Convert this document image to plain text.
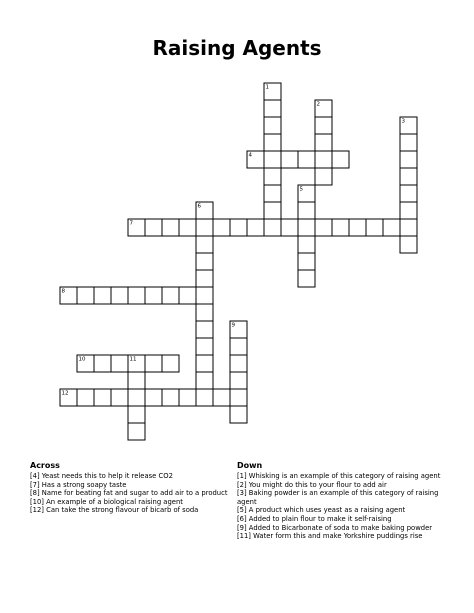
Raising Agents
1
2
3
4
5
6
7
8
9
10	11
12
Across
[4] Yeast needs this to help it release CO2
[7] Has a strong soapy taste
[8] Name for beating fat and sugar to add air to a product
[10] An example of a biological raising agent
[12] Can take the strong flavour of bicarb of soda
Down
[1] Whisking is an example of this category of raising agent
[2] You might do this to your flour to add air
[3] Baking powder is an example of this category of raising agent
[5] A product which uses yeast as a raising agent
[6] Added to plain flour to make it self-raising
[9] Added to Bicarbonate of soda to make baking powder
[11] Water form this and make Yorkshire puddings rise
